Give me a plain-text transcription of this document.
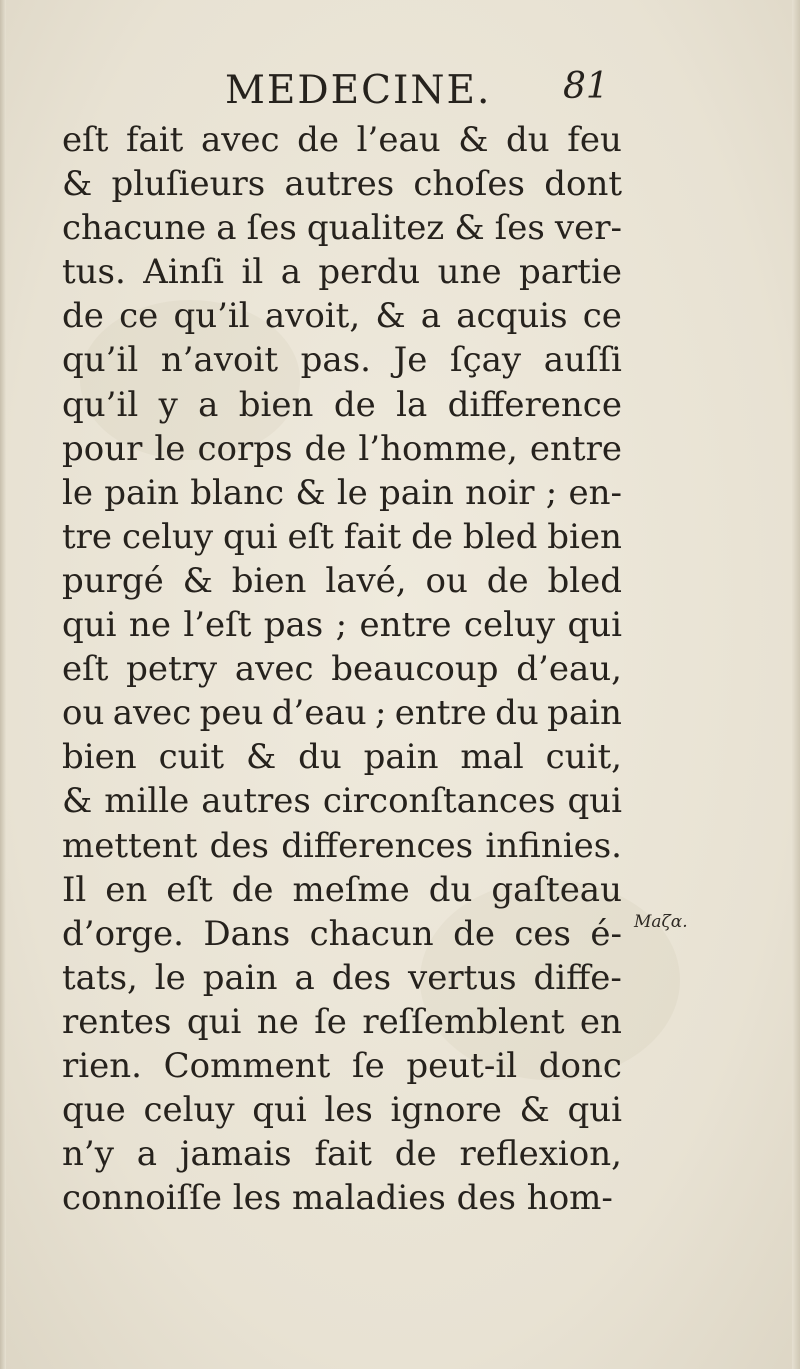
MEDECINE. 81
eſt fait avec de l’eau & du feu
& pluſieurs autres choſes dont
chacune a ſes qualitez & ſes ver-
tus. Ainſi il a perdu une partie
de ce qu’il avoit, & a acquis ce
qu’il n’avoit pas. Je ſçay auſſi
qu’il y a bien de la difference
pour le corps de l’homme, entre
le pain blanc & le pain noir ; en-
tre celuy qui eſt fait de bled bien
purgé & bien lavé, ou de bled
qui ne l’eſt pas ; entre celuy qui
eſt petry avec beaucoup d’eau,
ou avec peu d’eau ; entre du pain
bien cuit & du pain mal cuit,
& mille autres circonſtances qui
mettent des differences infinies.
Il en eſt de meſme du gaſteau
d’orge. Dans chacun de ces é-
tats, le pain a des vertus diffe-
rentes qui ne ſe reſſemblent en
rien. Comment ſe peut-il donc
que celuy qui les ignore & qui
n’y a jamais fait de reflexion,
connoiſſe les maladies des hom-
Maζα.
